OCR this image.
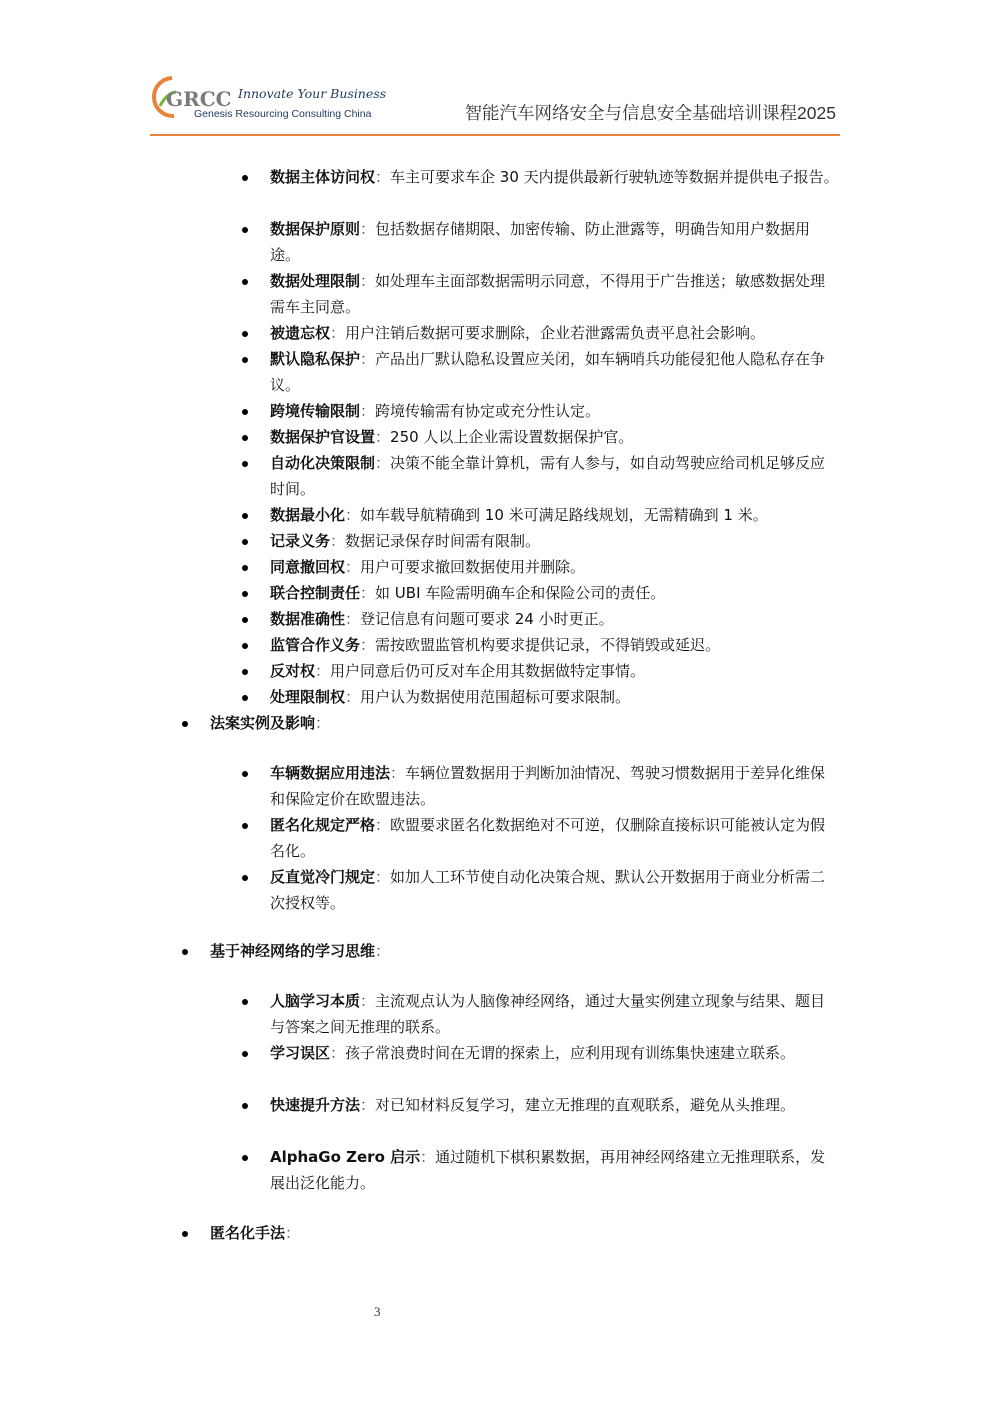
GRCC Innovate Your Business
Genesis Resourcing Consulting China	智能汽车网络安全与信息安全基础培训课程2025
数据主体访问权：车主可要求车企 30 天内提供最新行驶轨迹等数据并提供电子报告。
数据保护原则：包括数据存储期限、加密传输、防止泄露等，明确告知用户数据用途。
数据处理限制：如处理车主面部数据需明示同意，不得用于广告推送；敏感数据处理需车主同意。
被遗忘权：用户注销后数据可要求删除，企业若泄露需负责平息社会影响。
默认隐私保护：产品出厂默认隐私设置应关闭，如车辆哨兵功能侵犯他人隐私存在争议。
跨境传输限制：跨境传输需有协定或充分性认定。
数据保护官设置：250 人以上企业需设置数据保护官。
自动化决策限制：决策不能全靠计算机，需有人参与，如自动驾驶应给司机足够反应时间。
数据最小化：如车载导航精确到 10 米可满足路线规划，无需精确到 1 米。
记录义务：数据记录保存时间需有限制。
同意撤回权：用户可要求撤回数据使用并删除。
联合控制责任：如 UBI 车险需明确车企和保险公司的责任。
数据准确性：登记信息有问题可要求 24 小时更正。
监管合作义务：需按欧盟监管机构要求提供记录，不得销毁或延迟。
反对权：用户同意后仍可反对车企用其数据做特定事情。
处理限制权：用户认为数据使用范围超标可要求限制。
法案实例及影响：
车辆数据应用违法：车辆位置数据用于判断加油情况、驾驶习惯数据用于差异化维保和保险定价在欧盟违法。
匿名化规定严格：欧盟要求匿名化数据绝对不可逆，仅删除直接标识可能被认定为假名化。
反直觉冷门规定：如加人工环节使自动化决策合规、默认公开数据用于商业分析需二次授权等。
基于神经网络的学习思维：
人脑学习本质：主流观点认为人脑像神经网络，通过大量实例建立现象与结果、题目与答案之间无推理的联系。
学习误区：孩子常浪费时间在无谓的探索上，应利用现有训练集快速建立联系。
快速提升方法：对已知材料反复学习，建立无推理的直观联系，避免从头推理。
AlphaGo Zero 启示：通过随机下棋积累数据，再用神经网络建立无推理联系，发展出泛化能力。
匿名化手法：
3
